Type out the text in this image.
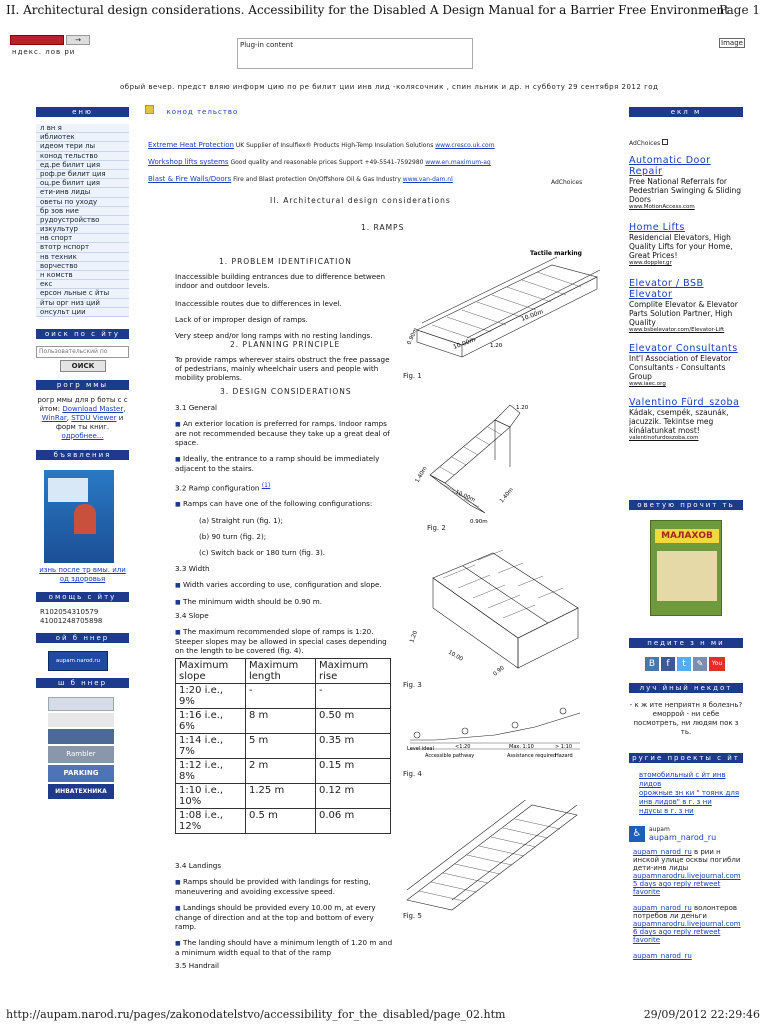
II. Architectural design considerations. Accessibility for the Disabled A Design Manual for a Barrier Free Environment
Page 1
http://aupam.narod.ru/pages/zakonodatelstvo/accessibility_for_the_disabled/page_02.htm	29/09/2012 22:29:46
→
ндекс. лов ри
Plug-in content	Image
обрый вечер. предст вляю информ цию по ре билит ции инв лид -колясочник , спин льник и др. н субботу 29 сентября 2012 год
еню
л вн я
иблиотек
идеом тери лы
конод тельство
ед.ре билит ция
роф.ре билит ция
оц.ре билит ция
ети-инв лиды
оветы по уходу
бр зов ние
рудоустройство
изкультур
нв спорт
втотр нспорт
нв техник
ворчество
н комств
екс
ерсон льные с йты
йты орг низ ций
онсульт ции
оиск по с йту
Пользовательский по
ОИСК
рогр ммы
рогр ммы для р боты с с йтом: Download Master, WinRar, STDU Viewer и форм ты книг.
одробнее...
бъявления
изнь после тр вмы. или од здоровья
омощь с йту
R102054310579
41001248705898
ой б ннер
aupam.narod.ru
ш б ннер
Rambler
PARKING
ИНВАТЕХНИКА
конод тельство
Extreme Heat Protection UK Supplier of Insulfiex® Products High-Temp Insulation Solutions www.cresco.uk.com
Workshop lifts systems Good quality and reasonable prices Support +49-5541-7592980 www.en.maximum-ag
Blast & Fire Walls/Doors Fire and Blast protection On/Offshore Oil & Gas Industry www.van-dam.nl	AdChoices
II. Architectural design considerations
1. RAMPS
1. PROBLEM IDENTIFICATION
Inaccessible building entrances due to difference between indoor and outdoor levels.
Inaccessible routes due to differences in level.
Lack of or improper design of ramps.
Very steep and/or long ramps with no resting landings.
2. PLANNING PRINCIPLE
To provide ramps wherever stairs obstruct the free passage of pedestrians, mainly wheelchair users and people with mobility problems.
3. DESIGN CONSIDERATIONS
3.1 General
■ An exterior location is preferred for ramps. Indoor ramps are not recommended because they take up a great deal of space.
■ Ideally, the entrance to a ramp should be immediately adjacent to the stairs.
3.2 Ramp configuration $^{(1)}$
■ Ramps can have one of the following configurations:
(a) Straight run (fig. 1);
(b) 90 turn (fig. 2);
(c) Switch back or 180 turn (fig. 3).
3.3 Width
■ Width varies according to use, configuration and slope.
■ The minimum width should be 0.90 m.
3.4 Slope
■ The maximum recommended slope of ramps is 1:20. Steeper slopes may be allowed in special cases depending on the length to be covered (fig. 4).
Maximum slope	Maximum length	Maximum rise
1:20 i.e., 9%	-	-
1:16 i.e., 6%	8 m	0.50 m
1:14 i.e., 7%	5 m	0.35 m
1:12 i.e., 8%	2 m	0.15 m
1:10 i.e., 10%	1.25 m	0.12 m
1:08 i.e., 12%	0.5 m	0.06 m
3.4 Landings
■ Ramps should be provided with landings for resting, maneuvering and avoiding excessive speed.
■ Landings should be provided every 10.00 m, at every change of direction and at the top and bottom of every ramp.
■ The landing should have a minimum length of 1.20 m and a minimum width equal to that of the ramp
3.5 Handrail
Tactile marking
10.00m
10.00m
0.90m
1.20
Fig. 1
1.20
1.40m
10.00m	1.40m
0.90m
Fig. 2
1.20
10.00
0.90
Fig. 3
Level ideal	<1:20	Max. 1:10	> 1:10
Accessible pathway	Assistance required
Hazard
Fig. 4
Fig. 5
екл м
AdChoices
Automatic Door Repair
Free National Referrals for Pedestrian Swinging & Sliding Doors
www.MotionAccess.com
Home Lifts
Residencial Elevators, High Quality Lifts for your Home, Great Prices!
www.doppler.gr
Elevator / BSB Elevator
Complite Elevator & Elevator Parts Solution Partner, High Quality
www.bsbelevator.com/Elevator-Lift
Elevator Consultants
Int'l Association of Elevator Consultants - Consultants Group
www.iaec.org
Valentino Fürd_szoba
Kádak, csempék, szaunák, jacuzzik. Tekintse meg kínálatunkat most!
valentinofurdoszoba.com
оветую прочит ть
МАЛАХОВ
педите з н ми
В	f	t	✎	You
луч йный некдот
- к ж ите неприятн я болезнь? емоpрой - ни себе посмотреть, ни людям пок з ть.
ругие проекты с йт
втомобильный с йт инв лидов
орожные зн ки " тоянк для инв лидов" в г. з ни
ндусы в г. з ни
♿	aupam
aupam_narod_ru
aupam_narod_ru в рии н инской улице осквы погибли дети-инв лиды
aupamnarodru.livejournal.com
5 days ago reply retweet favorite
aupam_narod_ru волонтеров потребов ли деньги
aupamnarodru.livejournal.com
6 days ago reply retweet favorite
aupam_narod_ru
